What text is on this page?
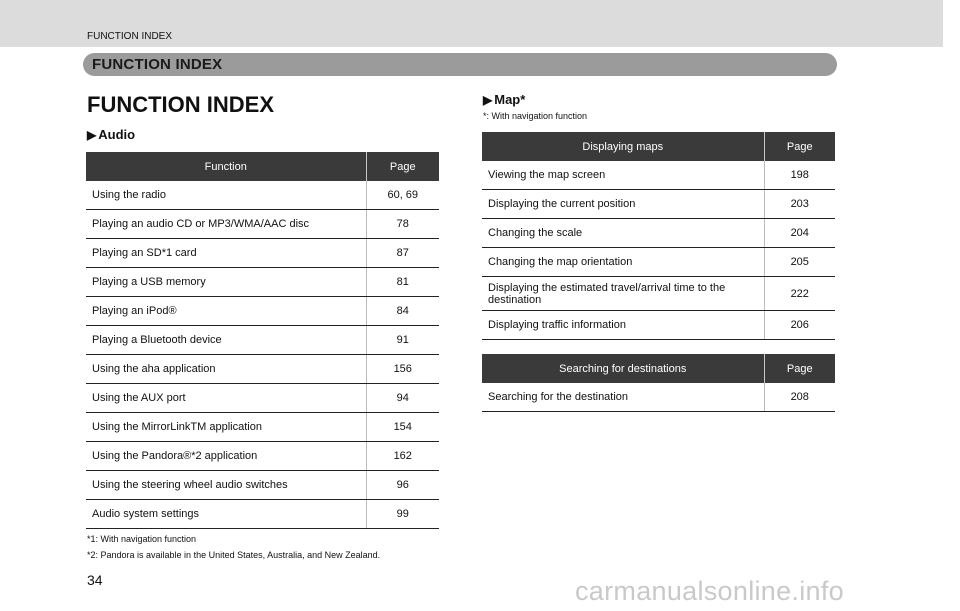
FUNCTION INDEX
FUNCTION INDEX
FUNCTION INDEX
▶ Audio
Function	Page
Using the radio	60, 69
Playing an audio CD or MP3/WMA/AAC disc	78
Playing an SD*1 card	87
Playing a USB memory	81
Playing an iPod®	84
Playing a Bluetooth device	91
Using the aha application	156
Using the AUX port	94
Using the MirrorLinkTM application	154
Using the Pandora®*2 application	162
Using the steering wheel audio switches	96
Audio system settings	99
*1: With navigation function
*2: Pandora is available in the United States, Australia, and New Zealand.
▶ Map*
*: With navigation function
Displaying maps	Page
Viewing the map screen	198
Displaying the current position	203
Changing the scale	204
Changing the map orientation	205
Displaying the estimated travel/arrival time to the destination	222
Displaying traffic information	206
Searching for destinations	Page
Searching for the destination	208
34	carmanualsonline.info
